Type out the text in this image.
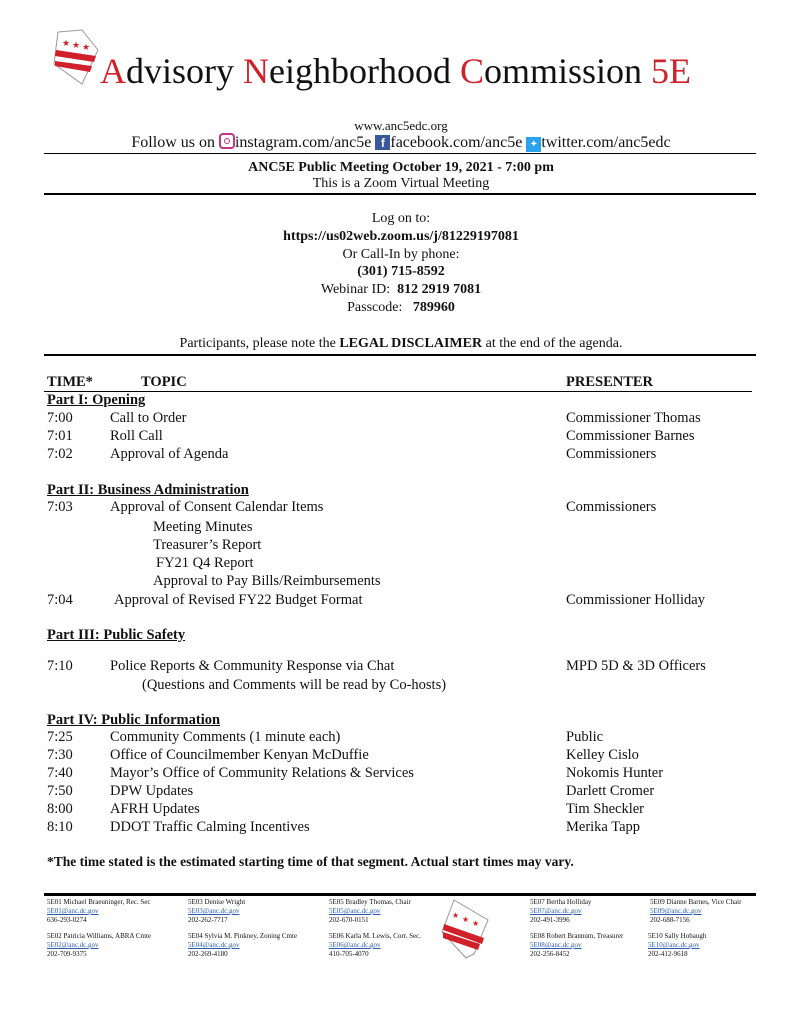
★ ★ ★
Advisory Neighborhood Commission 5E
www.anc5edc.org
Follow us on instagram.com/anc5e f facebook.com/anc5e ✦ twitter.com/anc5edc
ANC5E Public Meeting October 19, 2021 - 7:00 pm
This is a Zoom Virtual Meeting
Log on to:
https://us02web.zoom.us/j/81229197081
Or Call-In by phone:
(301) 715-8592
Webinar ID: 812 2919 7081
Passcode: 789960
Participants, please note the LEGAL DISCLAIMER at the end of the agenda.
TIME*	TOPIC	PRESENTER
Part I: Opening
7:00	Call to Order	Commissioner Thomas
7:01	Roll Call	Commissioner Barnes
7:02	Approval of Agenda	Commissioners
Part II: Business Administration
7:03	Approval of Consent Calendar Items	Commissioners
Meeting Minutes
Treasurer’s Report
FY21 Q4 Report
Approval to Pay Bills/Reimbursements
7:04	Approval of Revised FY22 Budget Format	Commissioner Holliday
Part III: Public Safety
7:10	Police Reports & Community Response via Chat	MPD 5D & 3D Officers
(Questions and Comments will be read by Co-hosts)
Part IV: Public Information
7:25	Community Comments (1 minute each)	Public
7:30	Office of Councilmember Kenyan McDuffie	Kelley Cislo
7:40	Mayor’s Office of Community Relations & Services	Nokomis Hunter
7:50	DPW Updates	Darlett Cromer
8:00	AFRH Updates	Tim Sheckler
8:10	DDOT Traffic Calming Incentives	Merika Tapp
*The time stated is the estimated starting time of that segment. Actual start times may vary.
5E01 Michael Braeuninger, Rec. Sec
5E01@anc.dc.gov
636-293-0274
5E02 Patricia Williams, ABRA Cmte
5E02@anc.dc.gov
202-709-9375
5E03 Denise Wright
5E03@anc.dc.gov
202-262-7717
5E04 Sylvia M. Pinkney, Zoning Cmte
5E04@anc.dc.gov
202-269-4180
5E05 Bradley Thomas, Chair
5E05@anc.dc.gov
202-670-0151
5E06 Karla M. Lewis, Corr. Sec.
5E06@anc.dc.gov
410-705-4070
★ ★ ★
5E07 Bertha Holliday
5E07@anc.dc.gov
202-491-3996
5E08 Robert Brannum, Treasurer
5E08@anc.dc.gov
202-256-8452
5E09 Dianne Barnes, Vice Chair
5E09@anc.dc.gov
202-688-7156
5E10 Sally Hobaugh
5E10@anc.dc.gov
202-412-9618
